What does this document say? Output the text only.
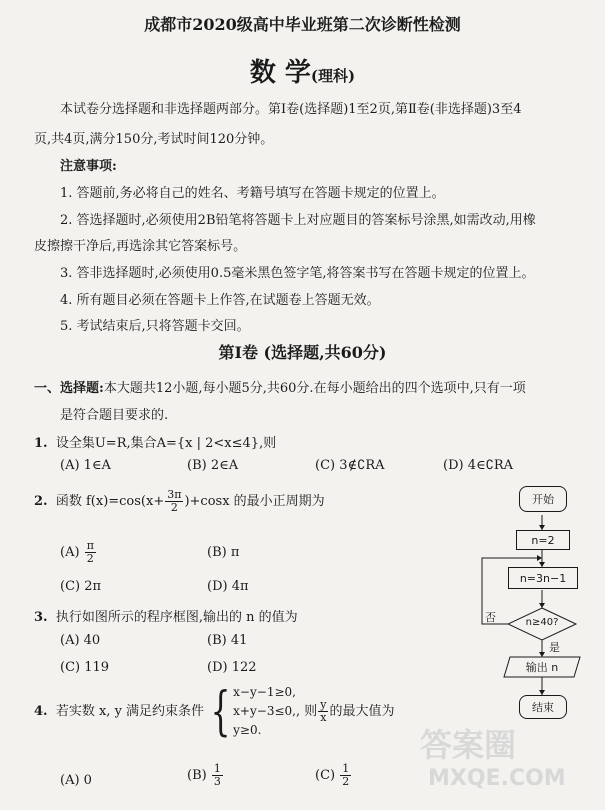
成都市2020级高中毕业班第二次诊断性检测
数 学(理科)
本试卷分选择题和非选择题两部分。第Ⅰ卷(选择题)1至2页,第Ⅱ卷(非选择题)3至4
页,共4页,满分150分,考试时间120分钟。
注意事项:
1. 答题前,务必将自己的姓名、考籍号填写在答题卡规定的位置上。
2. 答选择题时,必须使用2B铅笔将答题卡上对应题目的答案标号涂黑,如需改动,用橡
皮擦擦干净后,再选涂其它答案标号。
3. 答非选择题时,必须使用0.5毫米黑色签字笔,将答案书写在答题卡规定的位置上。
4. 所有题目必须在答题卡上作答,在试题卷上答题无效。
5. 考试结束后,只将答题卡交回。
第Ⅰ卷 (选择题,共60分)
一、选择题:本大题共12小题,每小题5分,共60分.在每小题给出的四个选项中,只有一项
是符合题目要求的.
1. 设全集U=R,集合A={x | 2<x≤4},则
(A) 1∈A	(B) 2∈A	(C) 3∉∁RA	(D) 4∈∁RA
2. 函数 $f(x)=\cos(x+ \frac{3\pi}{2} )+\cos x$ 的最小正周期为
$(A) \frac{\pi}{2}$	(B) π
(C) 2π	(D) 4π
3. 执行如图所示的程序框图,输出的 n 的值为
(A) 40	(B) 41
(C) 119	(D) 122
4. 若实数 x, y 满足约束条件 { x−y−1≥0,
x+y−3≤0,
y≥0.
, 则 $\frac{y}{x}$ 的最大值为
(A) 0	$(B) \frac{1}{3}$	$(C) \frac{1}{2}$
开始
n=2
n=3n−1
n≥40?
否
是
输出 n
结束
答案圈
MXQE.COM
